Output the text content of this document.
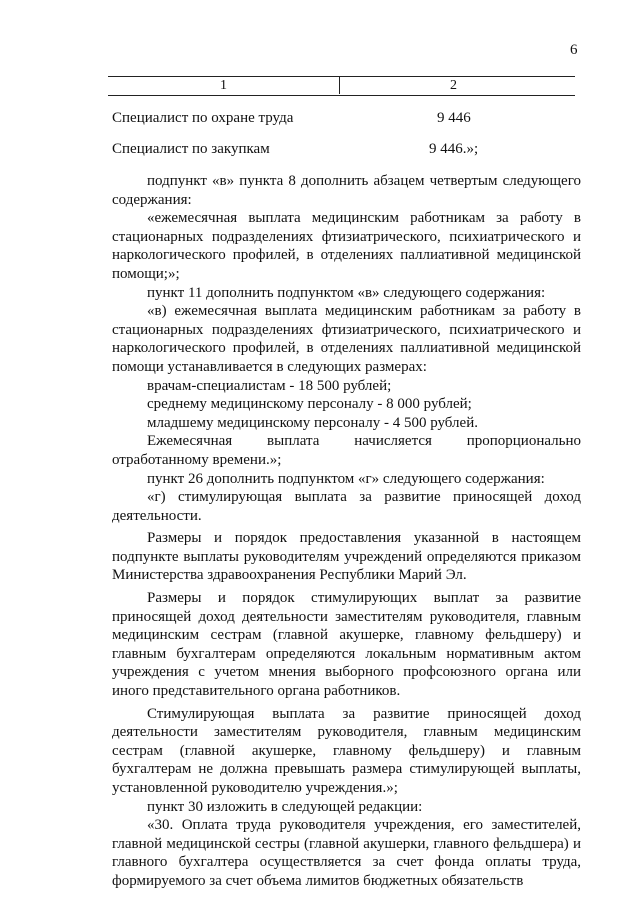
6
1	2
Специалист по охране труда	9 446
Специалист по закупкам	9 446.»;

подпункт «в» пункта 8 дополнить абзацем четвертым следующего содержания:

«ежемесячная выплата медицинским работникам за работу в стационарных подразделениях фтизиатрического, психиатрического и наркологического профилей, в отделениях паллиативной медицинской помощи;»;

пункт 11 дополнить подпунктом «в» следующего содержания:

«в) ежемесячная выплата медицинским работникам за работу в стационарных подразделениях фтизиатрического, психиатрического и наркологического профилей, в отделениях паллиативной медицинской помощи устанавливается в следующих размерах:

врачам-специалистам - 18 500 рублей;

среднему медицинскому персоналу - 8 000 рублей;

младшему медицинскому персоналу - 4 500 рублей.

Ежемесячная выплата начисляется пропорционально отработанному времени.»;

пункт 26 дополнить подпунктом «г» следующего содержания:

«г) стимулирующая выплата за развитие приносящей доход деятельности.

Размеры и порядок предоставления указанной в настоящем подпункте выплаты руководителям учреждений определяются приказом Министерства здравоохранения Республики Марий Эл.

Размеры и порядок стимулирующих выплат за развитие приносящей доход деятельности заместителям руководителя, главным медицинским сестрам (главной акушерке, главному фельдшеру) и главным бухгалтерам определяются локальным нормативным актом учреждения с учетом мнения выборного профсоюзного органа или иного представительного органа работников.

Стимулирующая выплата за развитие приносящей доход деятельности заместителям руководителя, главным медицинским сестрам (главной акушерке, главному фельдшеру) и главным бухгалтерам не должна превышать размера стимулирующей выплаты, установленной руководителю учреждения.»;

пункт 30 изложить в следующей редакции:

«30. Оплата труда руководителя учреждения, его заместителей, главной медицинской сестры (главной акушерки, главного фельдшера) и главного бухгалтера осуществляется за счет фонда оплаты труда, формируемого за счет объема лимитов бюджетных обязательств
